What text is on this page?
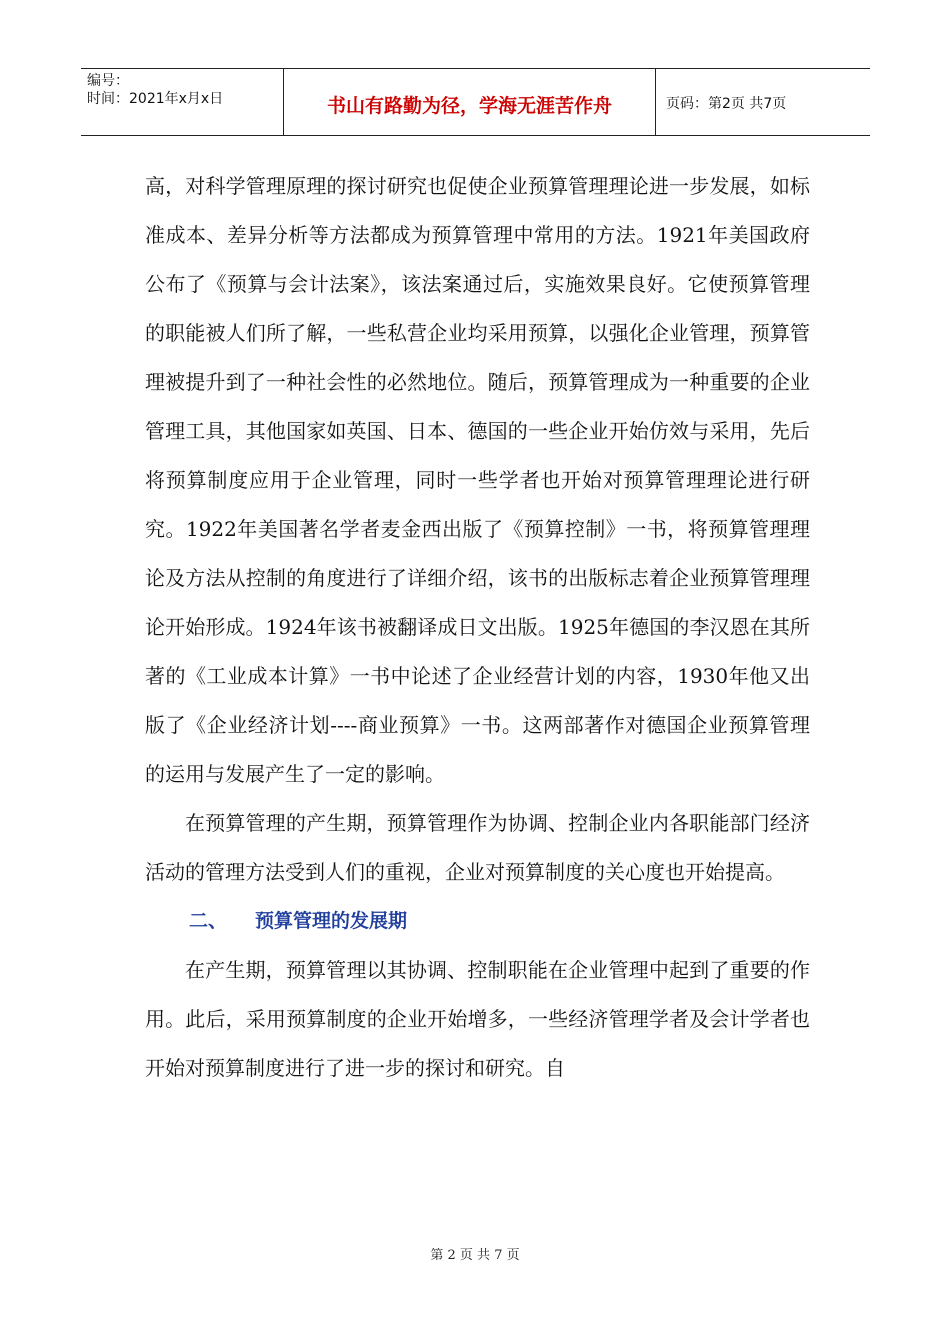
编号：
时间：2021年x月x日	书山有路勤为径，学海无涯苦作舟	页码：第2页 共7页

高，对科学管理原理的探讨研究也促使企业预算管理理论进一步发展，如标准成本、差异分析等方法都成为预算管理中常用的方法。1921年美国政府公布了《预算与会计法案》，该法案通过后，实施效果良好。它使预算管理的职能被人们所了解，一些私营企业均采用预算，以强化企业管理，预算管理被提升到了一种社会性的必然地位。随后，预算管理成为一种重要的企业管理工具，其他国家如英国、日本、德国的一些企业开始仿效与采用，先后将预算制度应用于企业管理，同时一些学者也开始对预算管理理论进行研究。1922年美国著名学者麦金西出版了《预算控制》一书，将预算管理理论及方法从控制的角度进行了详细介绍，该书的出版标志着企业预算管理理论开始形成。1924年该书被翻译成日文出版。1925年德国的李汉恩在其所著的《工业成本计算》一书中论述了企业经营计划的内容，1930年他又出版了《企业经济计划----商业预算》一书。这两部著作对德国企业预算管理的运用与发展产生了一定的影响。

在预算管理的产生期，预算管理作为协调、控制企业内各职能部门经济活动的管理方法受到人们的重视，企业对预算制度的关心度也开始提高。

二、 预算管理的发展期

在产生期，预算管理以其协调、控制职能在企业管理中起到了重要的作用。此后，采用预算制度的企业开始增多，一些经济管理学者及会计学者也开始对预算制度进行了进一步的探讨和研究。自

第 2 页 共 7 页
